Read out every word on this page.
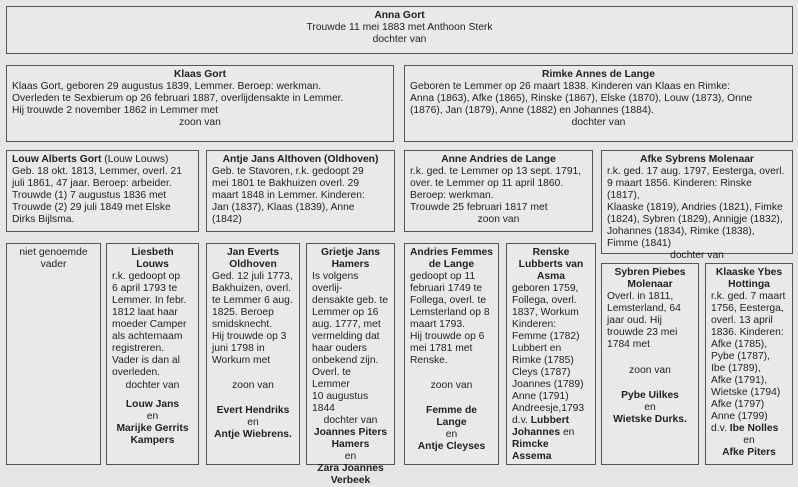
Anna Gort
Trouwde 11 mei 1883 met Anthoon Sterk
dochter van
Klaas Gort
Klaas Gort, geboren 29 augustus 1839, Lemmer. Beroep: werkman.
Overleden te Sexbierum op 26 februari 1887, overlijdensakte in Lemmer.
Hij trouwde 2 november 1862 in Lemmer met
zoon van
Rimke Annes de Lange
Geboren te Lemmer op 26 maart 1838. Kinderen van Klaas en Rimke:
Anna (1863), Afke (1865), Rinske (1867), Elske (1870), Louw (1873), Onne
(1876), Jan (1879), Anne (1882) en Johannes (1884).
dochter van
Louw Alberts Gort (Louw Louws)
Geb. 18 okt. 1813, Lemmer, overl. 21
juli 1861, 47 jaar. Beroep: arbeider.
Trouwde (1) 7 augustus 1836 met
Trouwde (2) 29 juli 1849 met Elske
Dirks Bijlsma.
Antje Jans Althoven (Oldhoven)
Geb. te Stavoren, r.k. gedoopt 29
mei 1801 te Bakhuizen overl. 29
maart 1848 in Lemmer. Kinderen:
Jan (1837), Klaas (1839), Anne
(1842)
Anne Andries de Lange
r.k. ged. te Lemmer op 13 sept. 1791,
over. te Lemmer op 11 april 1860.
Beroep: werkman.
Trouwde 25 februari 1817 met
zoon van
Afke Sybrens Molenaar
r.k. ged. 17 aug. 1797, Eesterga, overl.
9 maart 1856. Kinderen: Rinske (1817),
Klaaske (1819), Andries (1821), Fimke
(1824), Sybren (1829), Annigje (1832),
Johannes (1834), Rimke (1838),
Fimme (1841)
dochter van
niet genoemde
vader
Liesbeth
Louws
r.k. gedoopt op
6 april 1793 te
Lemmer. In febr.
1812 laat haar
moeder Camper
als achternaam
registreren.
Vader is dan al
overleden.
dochter van
Louw Jans
en
Marijke Gerrits
Kampers
Jan Everts
Oldhoven
Ged. 12 juli 1773,
Bakhuizen, overl.
te Lemmer 6 aug.
1825. Beroep
smidsknecht.
Hij trouwde op 3
juni 1798 in
Workum met
zoon van
Evert Hendriks
en
Antje Wiebrens.
Grietje Jans
Hamers
Is volgens overlij-
densakte geb. te
Lemmer op 16
aug. 1777, met
vermelding dat
haar ouders
onbekend zijn.
Overl. te Lemmer
10 augustus 1844
dochter van
Joannes Piters
Hamers
en
Zara Joannes
Verbeek
Andries Femmes
de Lange
gedoopt op 11
februari 1749 te
Follega, overl. te
Lemsterland op 8
maart 1793.
Hij trouwde op 6
mei 1781 met
Renske.
zoon van
Femme de Lange
en
Antje Cleyses
Renske
Lubberts van
Asma
geboren 1759,
Follega, overl.
1837, Workum
Kinderen:
Femme (1782)
Lubbert en
Rimke (1785)
Cleys (1787)
Joannes (1789)
Anne (1791)
Andreesje,1793
d.v. Lubbert
Johannes en
Rimcke Assema
Sybren Piebes
Molenaar
Overl. in 1811,
Lemsterland, 64
jaar oud. Hij
trouwde 23 mei
1784 met
zoon van
Pybe Uilkes
en
Wietske Durks.
Klaaske Ybes
Hottinga
r.k. ged. 7 maart
1756, Eesterga,
overl. 13 april
1836. Kinderen:
Afke (1785),
Pybe (1787),
Ibe (1789),
Afke (1791),
Wietske (1794)
Afke (1797)
Anne (1799)
d.v. Ibe Nolles
en
Afke Piters
